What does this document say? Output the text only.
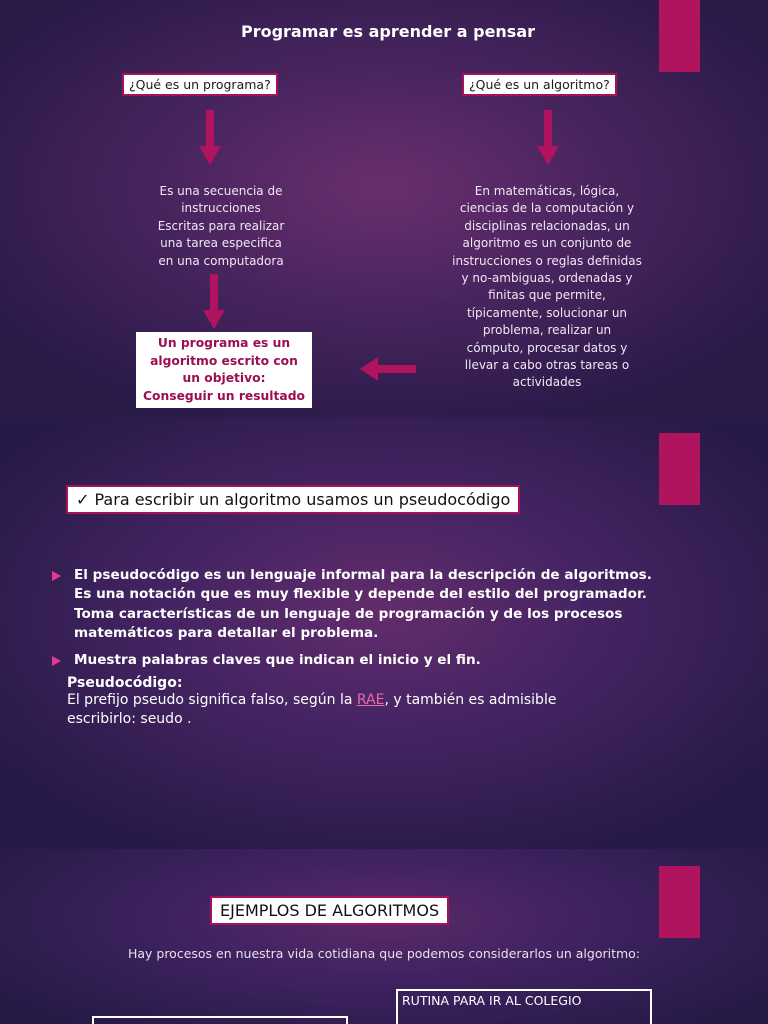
Programar es aprender a pensar
¿Qué es un programa?	¿Qué es un algoritmo?
Es una secuencia de
instrucciones
Escritas para realizar
una tarea especifica
en una computadora
En matemáticas, lógica,
ciencias de la computación y
disciplinas relacionadas, un
algoritmo es un conjunto de
instrucciones o reglas definidas
y no-ambiguas, ordenadas y
finitas que permite,
típicamente, solucionar un
problema, realizar un
cómputo, procesar datos y
llevar a cabo otras tareas o
actividades
Un programa es un
algoritmo escrito con
un objetivo:
Conseguir un resultado
✓ Para escribir un algoritmo usamos un pseudocódigo
El pseudocódigo es un lenguaje informal para la descripción de algoritmos. Es una notación que es muy flexible y depende del estilo del programador. Toma características de un lenguaje de programación y de los procesos matemáticos para detallar el problema.
Muestra palabras claves que indican el inicio y el fin.
Pseudocódigo:
El prefijo pseudo significa falso, según la RAE, y también es admisible escribirlo: seudo .
EJEMPLOS DE ALGORITMOS
Hay procesos en nuestra vida cotidiana que podemos considerarlos un algoritmo:
RUTINA PARA IR AL COLEGIO
